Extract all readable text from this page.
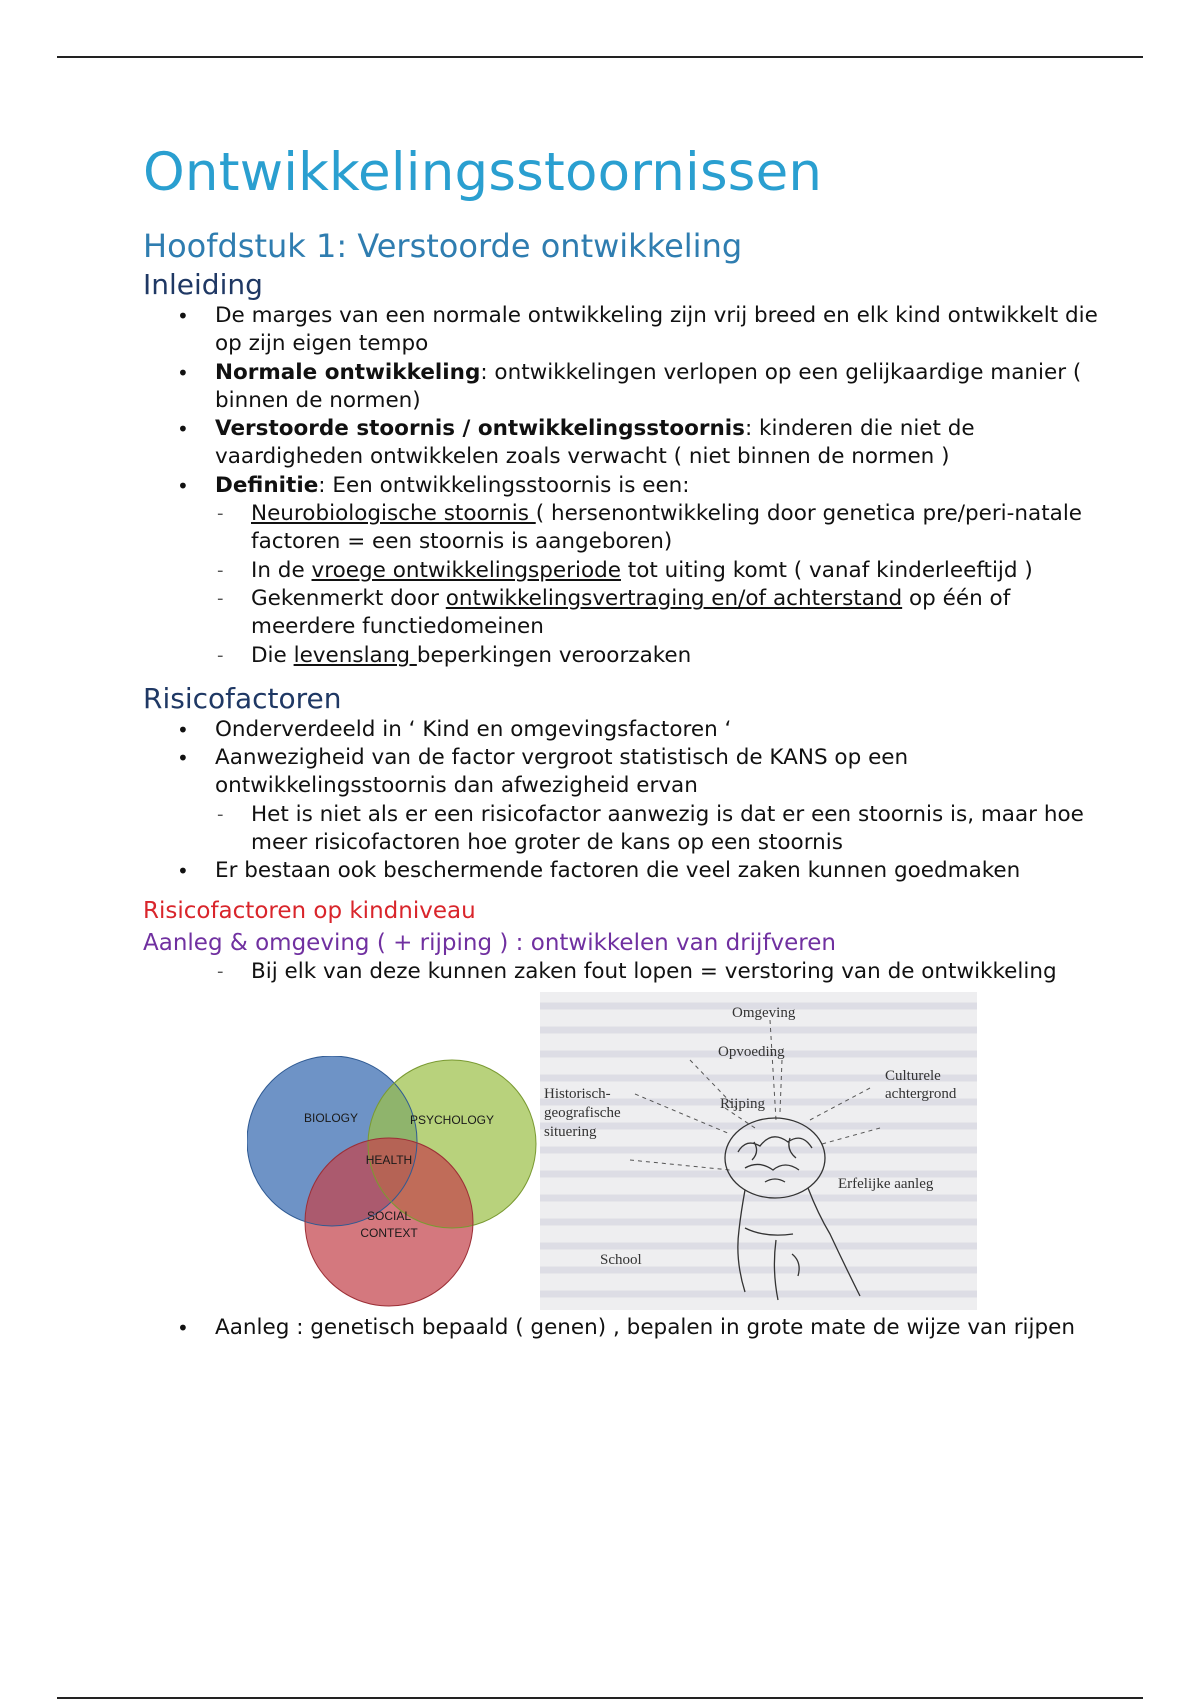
Ontwikkelingsstoornissen
Hoofdstuk 1: Verstoorde ontwikkeling
Inleiding
• De marges van een normale ontwikkeling zijn vrij breed en elk kind ontwikkelt die op zijn eigen tempo
• Normale ontwikkeling: ontwikkelingen verlopen op een gelijkaardige manier ( binnen de normen)
• Verstoorde stoornis / ontwikkelingsstoornis: kinderen die niet de vaardigheden ontwikkelen zoals verwacht ( niet binnen de normen )
• Definitie: Een ontwikkelingsstoornis is een:
- Neurobiologische stoornis ( hersenontwikkeling door genetica pre/peri-natale factoren = een stoornis is aangeboren)
- In de vroege ontwikkelingsperiode tot uiting komt ( vanaf kinderleeftijd )
- Gekenmerkt door ontwikkelingsvertraging en/of achterstand op één of meerdere functiedomeinen
- Die levenslang beperkingen veroorzaken
Risicofactoren
• Onderverdeeld in ‘ Kind en omgevingsfactoren ‘
• Aanwezigheid van de factor vergroot statistisch de KANS op een ontwikkelingsstoornis dan afwezigheid ervan
- Het is niet als er een risicofactor aanwezig is dat er een stoornis is, maar hoe meer risicofactoren hoe groter de kans op een stoornis
• Er bestaan ook beschermende factoren die veel zaken kunnen goedmaken
Risicofactoren op kindniveau
Aanleg & omgeving ( + rijping ) : ontwikkelen van drijfveren
- Bij elk van deze kunnen zaken fout lopen = verstoring van de ontwikkeling
BIOLOGY	PSYCHOLOGY
HEALTH
SOCIAL
CONTEXT
Omgeving
Opvoeding
Culturele
achtergrond
Historisch-
geografische
situering
Rijping
Erfelijke aanleg
School
• Aanleg : genetisch bepaald ( genen) , bepalen in grote mate de wijze van rijpen
